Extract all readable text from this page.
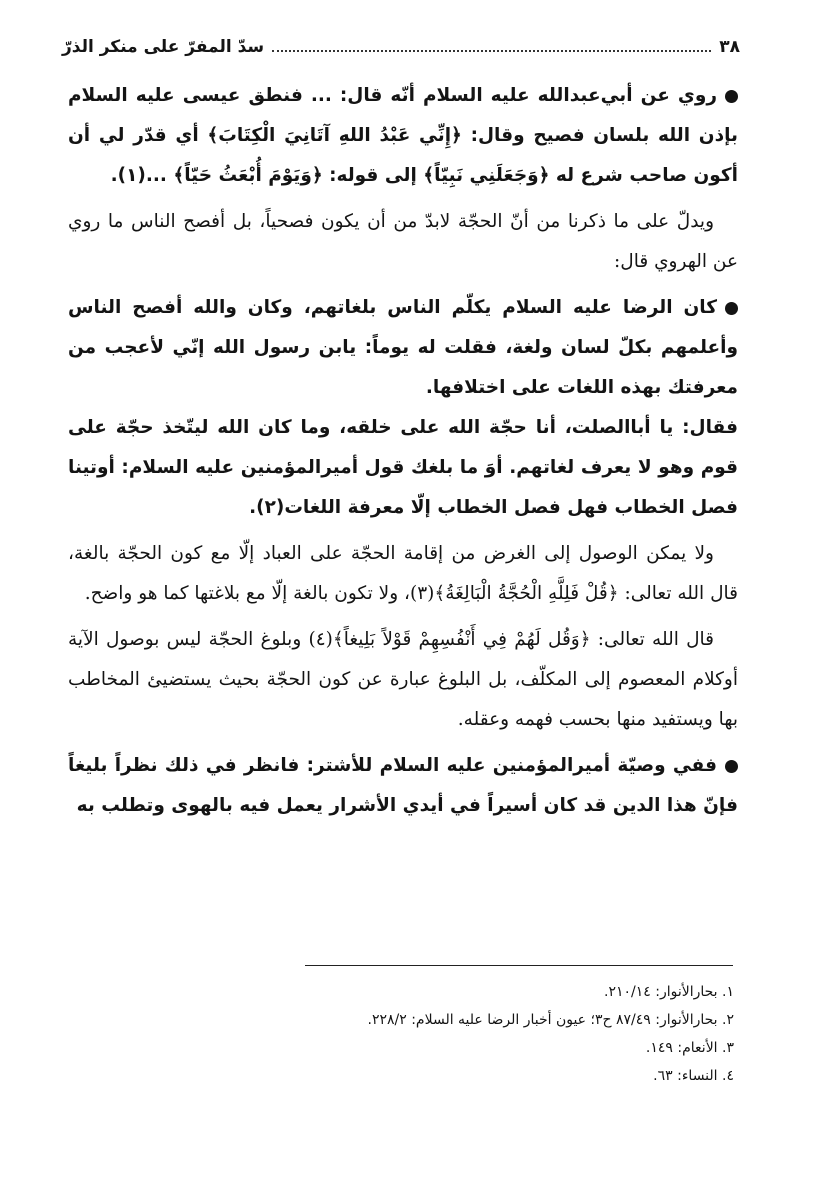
٣٨
سدّ المفرّ على منكر الذرّ

روي عن أبي‌عبدالله عليه السلام أنّه قال: ... فنطق عيسى عليه السلام بإذن الله بلسان فصيح وقال: ﴿إِنِّي عَبْدُ اللهِ آتَانِيَ الْكِتَابَ﴾ أي قدّر لي أن أكون صاحب شرع له ﴿وَجَعَلَنِي نَبِيّاً﴾ إلى قوله: ﴿وَيَوْمَ أُبْعَثُ حَيّاً﴾ ...(١).

ويدلّ على ما ذكرنا من أنّ الحجّة لابدّ من أن يكون فصحياً، بل أفصح الناس ما روي عن الهروي قال:

كان الرضا عليه السلام يكلّم الناس بلغاتهم، وكان والله أفصح الناس وأعلمهم بكلّ لسان ولغة، فقلت له يوماً: يابن رسول الله إنّي لأعجب من معرفتك بهذه اللغات على اختلافها.

فقال: يا أباالصلت، أنا حجّة الله على خلقه، وما كان الله ليتّخذ حجّة على قوم وهو لا يعرف لغاتهم. أوَ ما بلغك قول أميرالمؤمنين عليه السلام: أوتينا فصل الخطاب فهل فصل الخطاب إلّا معرفة اللغات(٢).

ولا يمكن الوصول إلى الغرض من إقامة الحجّة على العباد إلّا مع كون الحجّة بالغة، قال الله تعالى: ﴿قُلْ فَلِلَّهِ الْحُجَّةُ الْبَالِغَةُ﴾(٣)، ولا تكون بالغة إلّا مع بلاغتها كما هو واضح.

قال الله تعالى: ﴿وَقُل لَهُمْ فِي أَنْفُسِهِمْ قَوْلاً بَلِيغاً﴾(٤) وبلوغ الحجّة ليس بوصول الآية أوكلام المعصوم إلى المكلّف، بل البلوغ عبارة عن كون الحجّة بحيث يستضيئ المخاطب بها ويستفيد منها بحسب فهمه وعقله.

ففي وصيّة أميرالمؤمنين عليه السلام للأشتر: فانظر في ذلك نظراً بليغاً فإنّ هذا الدين قد كان أسيراً في أيدي الأشرار يعمل فيه بالهوى وتطلب به

١. بحارالأنوار: ٢١٠/١٤.

٢. بحارالأنوار: ٨٧/٤٩ ح٣؛ عيون أخبار الرضا عليه السلام: ٢٢٨/٢.

٣. الأنعام: ١٤٩.

٤. النساء: ٦٣.
